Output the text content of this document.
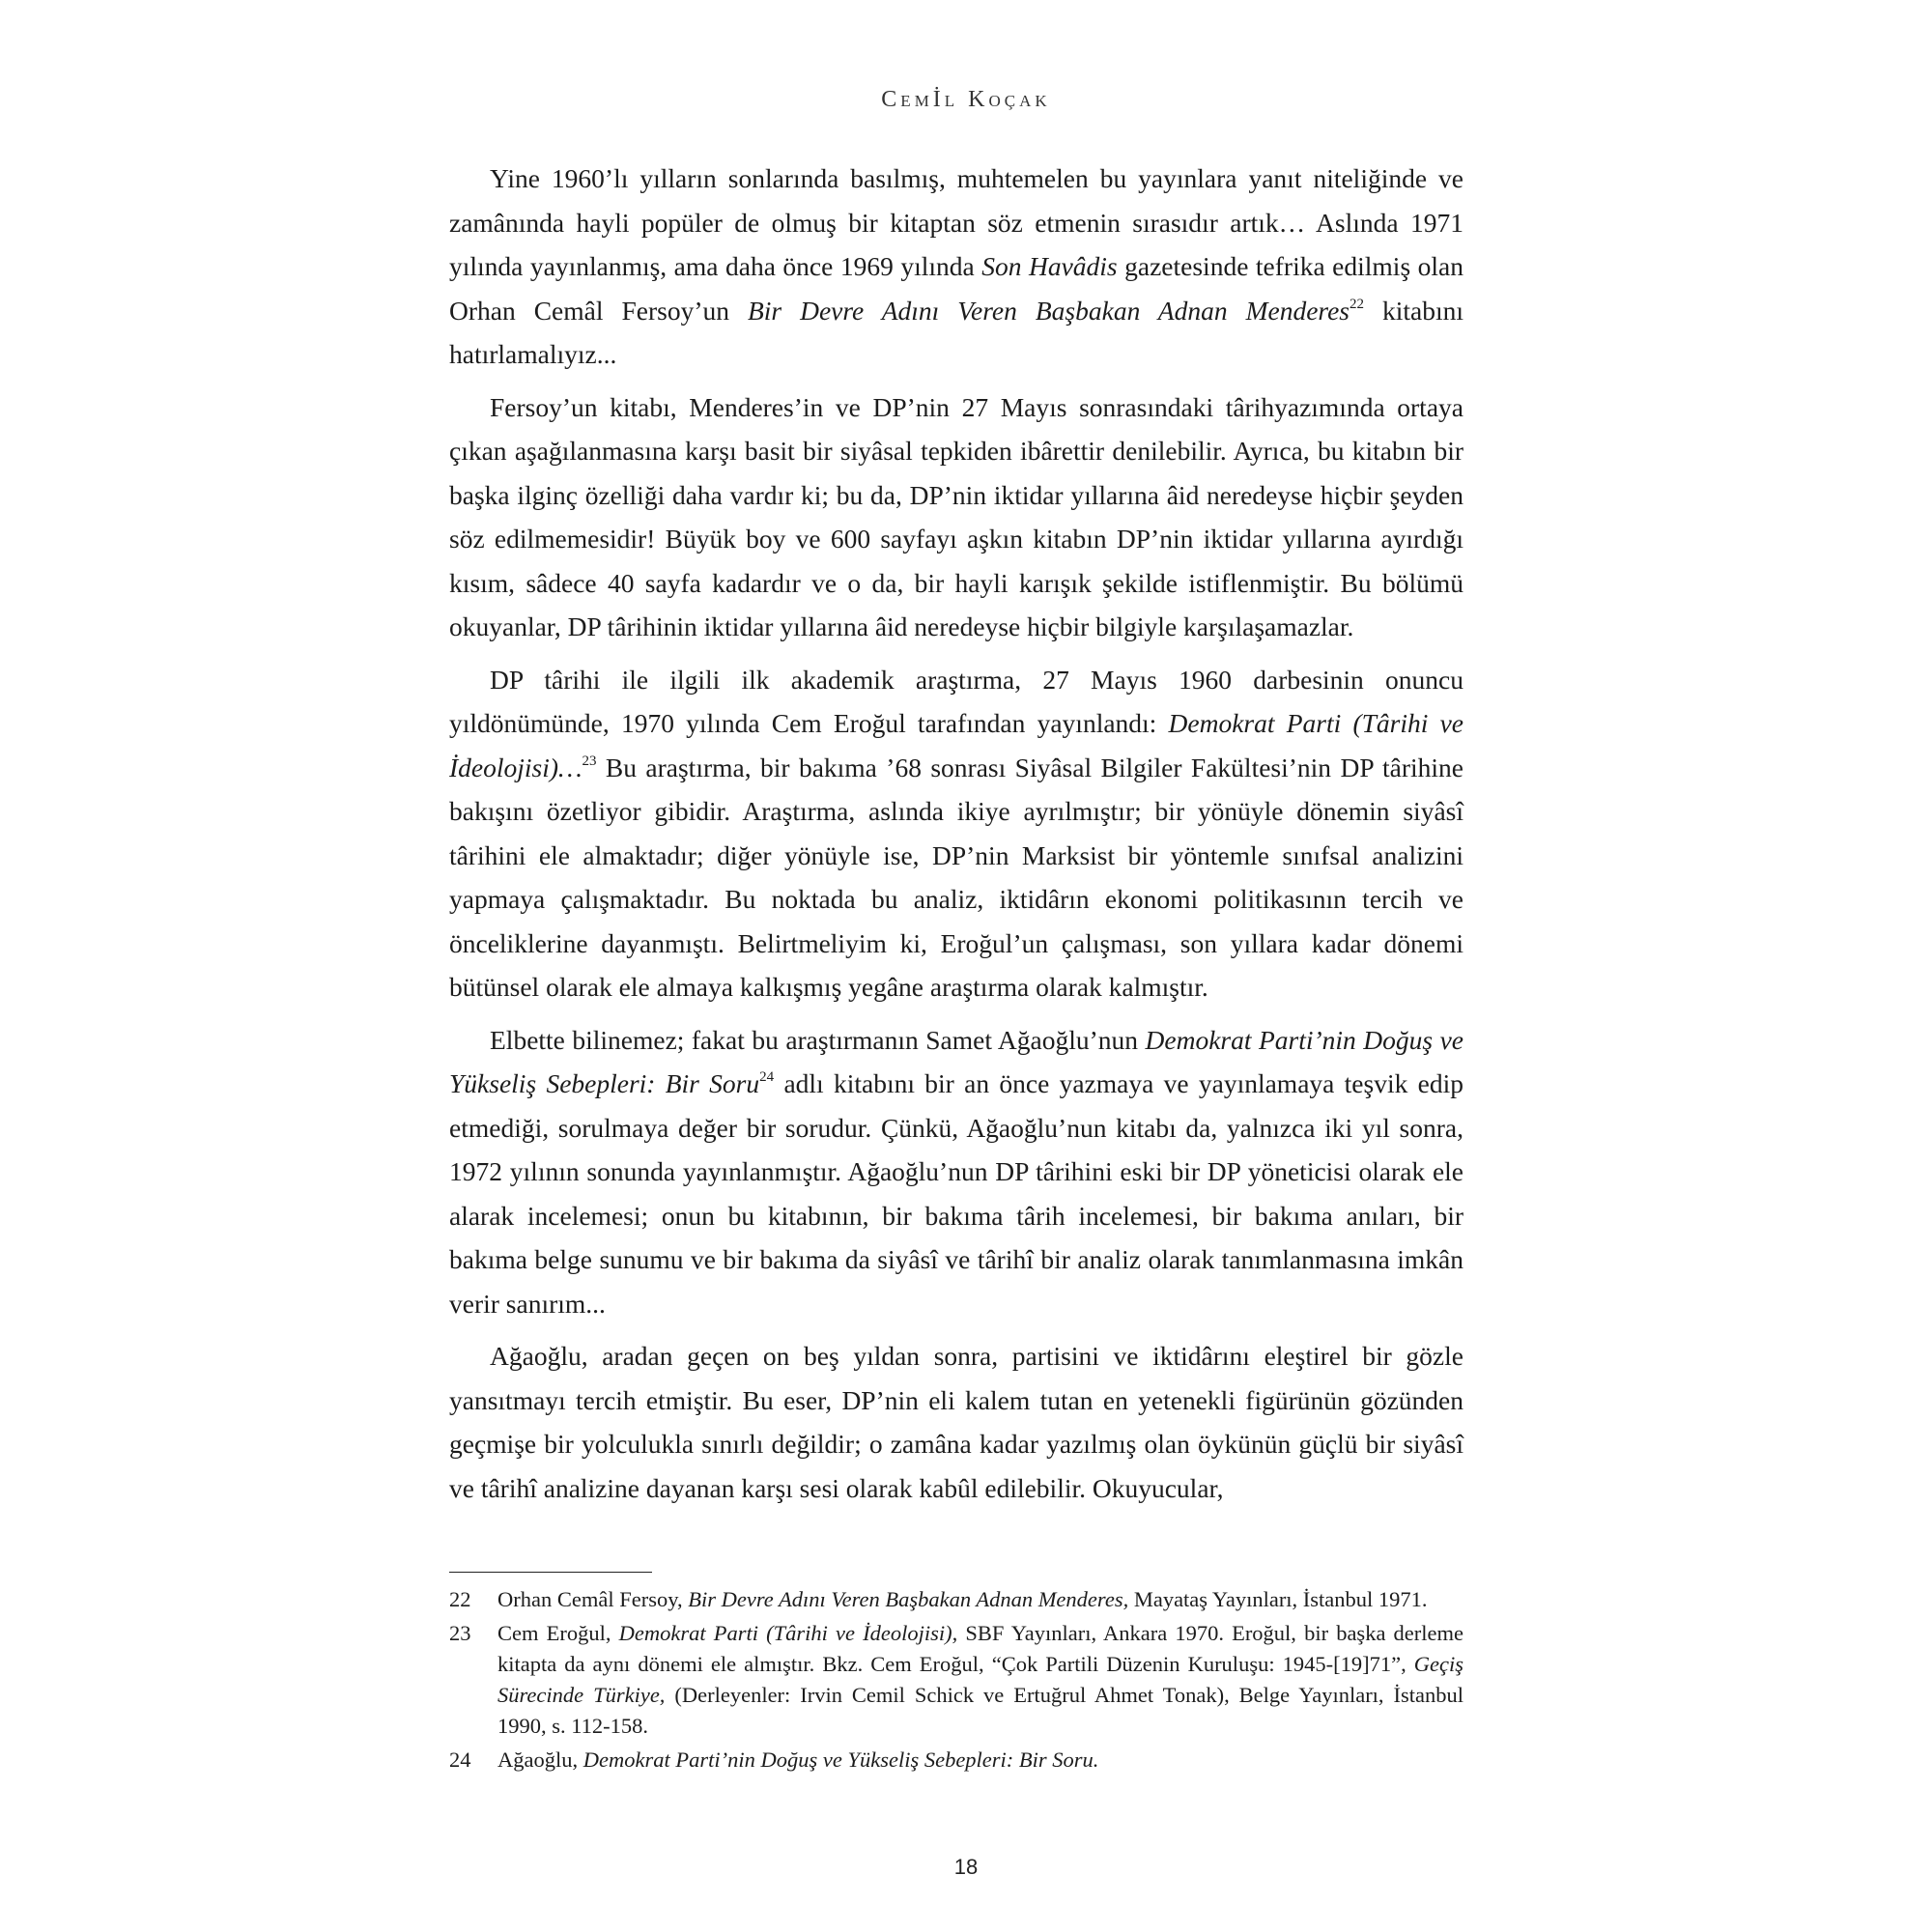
Cemİl Koçak

Yine 1960’lı yılların sonlarında basılmış, muhtemelen bu yayınlara yanıt niteliğinde ve zamânında hayli popüler de olmuş bir kitaptan söz etmenin sırasıdır artık… Aslında 1971 yılında yayınlanmış, ama daha önce 1969 yılında Son Havâdis gazetesinde tefrika edilmiş olan Orhan Cemâl Fersoy’un Bir Devre Adını Veren Başbakan Adnan Menderes$^{22}$ kitabını hatırlamalıyız...

Fersoy’un kitabı, Menderes’in ve DP’nin 27 Mayıs sonrasındaki târihyazımında ortaya çıkan aşağılanmasına karşı basit bir siyâsal tepkiden ibârettir denilebilir. Ayrıca, bu kitabın bir başka ilginç özelliği daha vardır ki; bu da, DP’nin iktidar yıllarına âid neredeyse hiçbir şeyden söz edilmemesidir! Büyük boy ve 600 sayfayı aşkın kitabın DP’nin iktidar yıllarına ayırdığı kısım, sâdece 40 sayfa kadardır ve o da, bir hayli karışık şekilde istiflenmiştir. Bu bölümü okuyanlar, DP târihinin iktidar yıllarına âid neredeyse hiçbir bilgiyle karşılaşamazlar.

DP târihi ile ilgili ilk akademik araştırma, 27 Mayıs 1960 darbesinin onuncu yıldönümünde, 1970 yılında Cem Eroğul tarafından yayınlandı: Demokrat Parti (Târihi ve İdeolojisi)…$^{23}$ Bu araştırma, bir bakıma ’68 sonrası Siyâsal Bilgiler Fakültesi’nin DP târihine bakışını özetliyor gibidir. Araştırma, aslında ikiye ayrılmıştır; bir yönüyle dönemin siyâsî târihini ele almaktadır; diğer yönüyle ise, DP’nin Marksist bir yöntemle sınıfsal analizini yapmaya çalışmaktadır. Bu noktada bu analiz, iktidârın ekonomi politikasının tercih ve önceliklerine dayanmıştı. Belirtmeliyim ki, Eroğul’un çalışması, son yıllara kadar dönemi bütünsel olarak ele almaya kalkışmış yegâne araştırma olarak kalmıştır.

Elbette bilinemez; fakat bu araştırmanın Samet Ağaoğlu’nun Demokrat Parti’nin Doğuş ve Yükseliş Sebepleri: Bir Soru$^{24}$ adlı kitabını bir an önce yazmaya ve yayınlamaya teşvik edip etmediği, sorulmaya değer bir sorudur. Çünkü, Ağaoğlu’nun kitabı da, yalnızca iki yıl sonra, 1972 yılının sonunda yayınlanmıştır. Ağaoğlu’nun DP târihini eski bir DP yöneticisi olarak ele alarak incelemesi; onun bu kitabının, bir bakıma târih incelemesi, bir bakıma anıları, bir bakıma belge sunumu ve bir bakıma da siyâsî ve târihî bir analiz olarak tanımlanmasına imkân verir sanırım...

Ağaoğlu, aradan geçen on beş yıldan sonra, partisini ve iktidârını eleştirel bir gözle yansıtmayı tercih etmiştir. Bu eser, DP’nin eli kalem tutan en yetenekli figürünün gözünden geçmişe bir yolculukla sınırlı değildir; o zamâna kadar yazılmış olan öykünün güçlü bir siyâsî ve târihî analizine dayanan karşı sesi olarak kabûl edilebilir. Okuyucular,

22	Orhan Cemâl Fersoy, Bir Devre Adını Veren Başbakan Adnan Menderes, Mayataş Yayınları, İstanbul 1971.
23	Cem Eroğul, Demokrat Parti (Târihi ve İdeolojisi), SBF Yayınları, Ankara 1970. Eroğul, bir başka derleme kitapta da aynı dönemi ele almıştır. Bkz. Cem Eroğul, “Çok Partili Düzenin Kuruluşu: 1945-[19]71”, Geçiş Sürecinde Türkiye, (Derleyenler: Irvin Cemil Schick ve Ertuğrul Ahmet Tonak), Belge Yayınları, İstanbul 1990, s. 112-158.
24	Ağaoğlu, Demokrat Parti’nin Doğuş ve Yükseliş Sebepleri: Bir Soru.
18
